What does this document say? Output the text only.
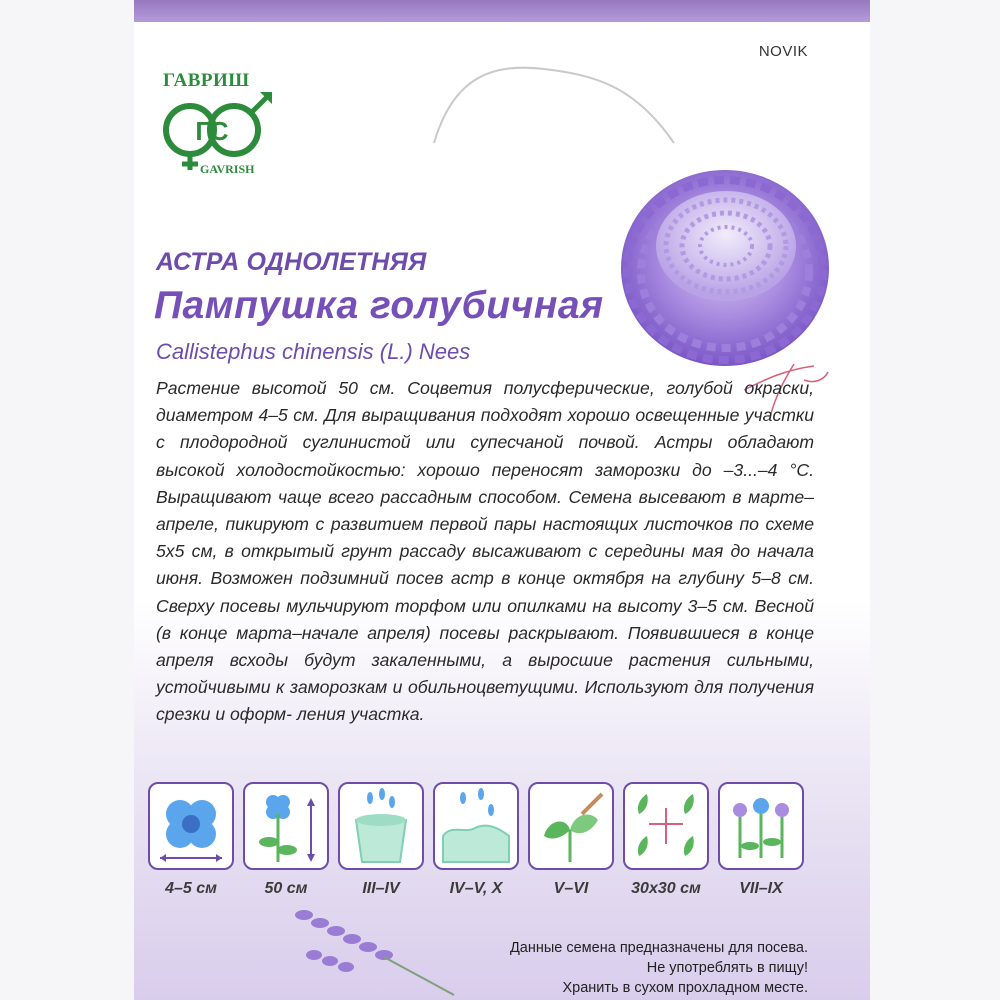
NOVIK
ГАВРИШ
ГС
GAVRISH
АСТРА ОДНОЛЕТНЯЯ
Пампушка голубичная
Callistephus chinensis (L.) Nees
Растение высотой 50 см. Соцветия полусферические, голубой окраски, диаметром 4–5 см. Для выращивания подходят хорошо освещенные участки с плодородной суглинистой или супесчаной почвой. Астры обладают высокой холодостойкостью: хорошо переносят заморозки до –3...–4 °С. Выращивают чаще всего рассадным способом. Семена высевают в марте–апреле, пикируют с развитием первой пары настоящих листочков по схеме 5х5 см, в открытый грунт рассаду высаживают с середины мая до начала июня. Возможен подзимний посев астр в конце октября на глубину 5–8 см. Сверху посевы мульчируют торфом или опилками на высоту 3–5 см. Весной (в конце марта–начале апреля) посевы раскрывают. Появившиеся в конце апреля всходы будут закаленными, а выросшие растения сильными, устойчивыми к заморозкам и обильноцветущими. Используют для получения срезки и оформ- ления участка.
4–5 см	50 см	III–IV	IV–V, X	V–VI	30х30 см	VII–IX
Данные семена предназначены для посева.
Не употреблять в пищу!
Хранить в сухом прохладном месте.
